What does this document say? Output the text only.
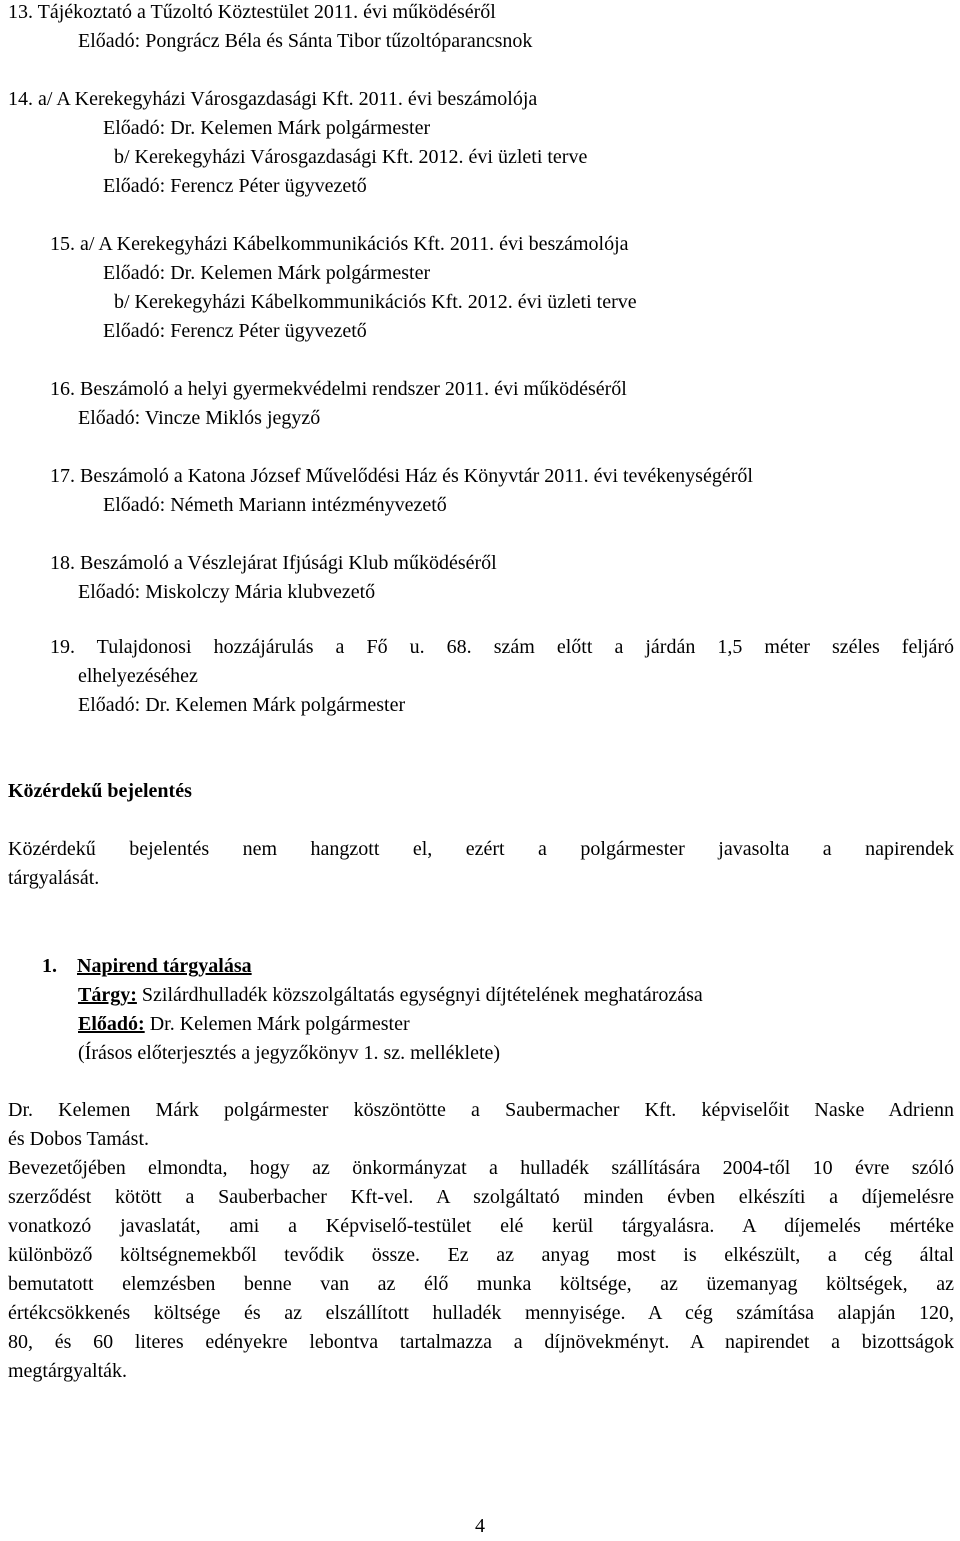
13. Tájékoztató a Tűzoltó Köztestület 2011. évi működéséről
Előadó: Pongrácz Béla és Sánta Tibor tűzoltóparancsnok
14. a/ A Kerekegyházi Városgazdasági Kft. 2011. évi beszámolója
Előadó: Dr. Kelemen Márk polgármester
b/ Kerekegyházi Városgazdasági Kft. 2012. évi üzleti terve
Előadó: Ferencz Péter ügyvezető
15. a/ A Kerekegyházi Kábelkommunikációs Kft. 2011. évi beszámolója
Előadó: Dr. Kelemen Márk polgármester
b/ Kerekegyházi Kábelkommunikációs Kft. 2012. évi üzleti terve
Előadó: Ferencz Péter ügyvezető
16. Beszámoló a helyi gyermekvédelmi rendszer 2011. évi működéséről
Előadó: Vincze Miklós jegyző
17. Beszámoló a Katona József Művelődési Ház és Könyvtár 2011. évi tevékenységéről
Előadó: Németh Mariann intézményvezető
18. Beszámoló a Vészlejárat Ifjúsági Klub működéséről
Előadó: Miskolczy Mária klubvezető
19. Tulajdonosi hozzájárulás a Fő u. 68. szám előtt a járdán 1,5 méter széles feljáró
elhelyezéséhez
Előadó: Dr. Kelemen Márk polgármester
Közérdekű bejelentés
Közérdekű bejelentés nem hangzott el, ezért a polgármester javasolta a napirendek
tárgyalását.
1. Napirend tárgyalása
Tárgy: Szilárdhulladék közszolgáltatás egységnyi díjtételének meghatározása
Előadó: Dr. Kelemen Márk polgármester
(Írásos előterjesztés a jegyzőkönyv 1. sz. melléklete)
Dr. Kelemen Márk polgármester köszöntötte a Saubermacher Kft. képviselőit Naske Adrienn
és Dobos Tamást.
Bevezetőjében elmondta, hogy az önkormányzat a hulladék szállítására 2004-től 10 évre szóló
szerződést kötött a Sauberbacher Kft-vel. A szolgáltató minden évben elkészíti a díjemelésre
vonatkozó javaslatát, ami a Képviselő-testület elé kerül tárgyalásra. A díjemelés mértéke
különböző költségnemekből tevődik össze. Ez az anyag most is elkészült, a cég által
bemutatott elemzésben benne van az élő munka költsége, az üzemanyag költségek, az
értékcsökkenés költsége és az elszállított hulladék mennyisége. A cég számítása alapján 120,
80, és 60 literes edényekre lebontva tartalmazza a díjnövekményt. A napirendet a bizottságok
megtárgyalták.
4
